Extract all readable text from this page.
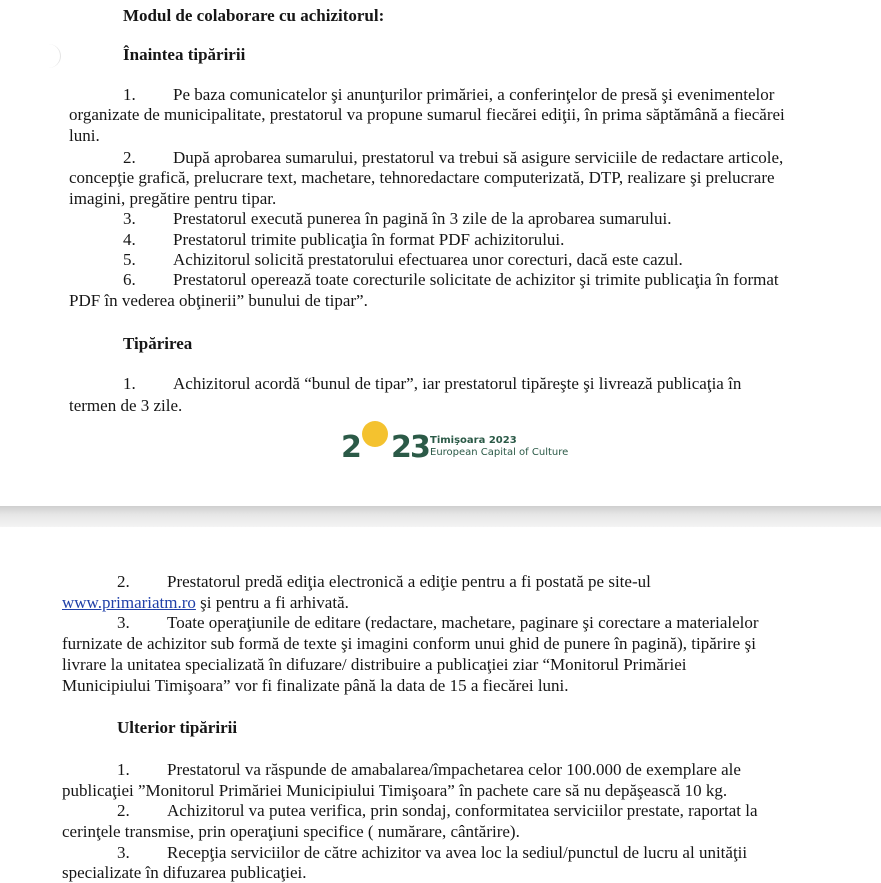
Modul de colaborare cu achizitorul:
Înaintea tipăririi
1. Pe baza comunicatelor şi anunţurilor primăriei, a conferinţelor de presă şi evenimentelor
organizate de municipalitate, prestatorul va propune sumarul fiecărei ediţii, în prima săptămână a fiecărei
luni.
2. După aprobarea sumarului, prestatorul va trebui să asigure serviciile de redactare articole,
concepţie grafică, prelucrare text, machetare, tehnoredactare computerizată, DTP, realizare şi prelucrare
imagini, pregătire pentru tipar.
3. Prestatorul execută punerea în pagină în 3 zile de la aprobarea sumarului.
4. Prestatorul trimite publicaţia în format PDF achizitorului.
5. Achizitorul solicită prestatorului efectuarea unor corecturi, dacă este cazul.
6. Prestatorul operează toate corecturile solicitate de achizitor şi trimite publicaţia în format
PDF în vederea obţinerii” bunului de tipar”.
Tipărirea
1. Achizitorul acordă “bunul de tipar”, iar prestatorul tipăreşte şi livrează publicaţia în
termen de 3 zile.
2 2 3 Timişoara 2023
European Capital of Culture
2. Prestatorul predă ediţia electronică a ediţie pentru a fi postată pe site-ul
www.primariatm.ro şi pentru a fi arhivată.
3. Toate operaţiunile de editare (redactare, machetare, paginare şi corectare a materialelor
furnizate de achizitor sub formă de texte şi imagini conform unui ghid de punere în pagină), tipărire şi
livrare la unitatea specializată în difuzare/ distribuire a publicaţiei ziar “Monitorul Primăriei
Municipiului Timişoara” vor fi finalizate până la data de 15 a fiecărei luni.
Ulterior tipăririi
1. Prestatorul va răspunde de amabalarea/împachetarea celor 100.000 de exemplare ale
publicaţiei ”Monitorul Primăriei Municipiului Timişoara” în pachete care să nu depăşească 10 kg.
2. Achizitorul va putea verifica, prin sondaj, conformitatea serviciilor prestate, raportat la
cerinţele transmise, prin operaţiuni specifice ( numărare, cântărire).
3. Recepţia serviciilor de către achizitor va avea loc la sediul/punctul de lucru al unităţii
specializate în difuzarea publicaţiei.
